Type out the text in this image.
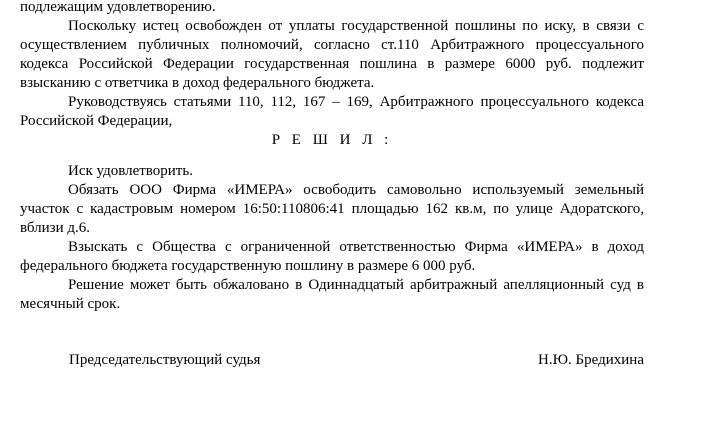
подлежащим удовлетворению.

Поскольку истец освобожден от уплаты государственной пошлины по иску, в связи с осуществлением публичных полномочий, согласно ст.110 Арбитражного процессуального кодекса Российской Федерации государственная пошлина в размере 6000 руб. подлежит взысканию с ответчика в доход федерального бюджета.

Руководствуясь статьями 110, 112, 167 – 169, Арбитражного процессуального кодекса Российской Федерации,

Р Е Ш И Л :

Иск удовлетворить.

Обязать ООО Фирма «ИМЕРА» освободить самовольно используемый земельный участок с кадастровым номером 16:50:110806:41 площадью 162 кв.м, по улице Адоратского, вблизи д.6.

Взыскать с Общества с ограниченной ответственностью Фирма «ИМЕРА» в доход федерального бюджета государственную пошлину в размере 6 000 руб.

Решение может быть обжаловано в Одиннадцатый арбитражный апелляционный суд в месячный срок.

Председательствующий судья	Н.Ю. Бредихина
